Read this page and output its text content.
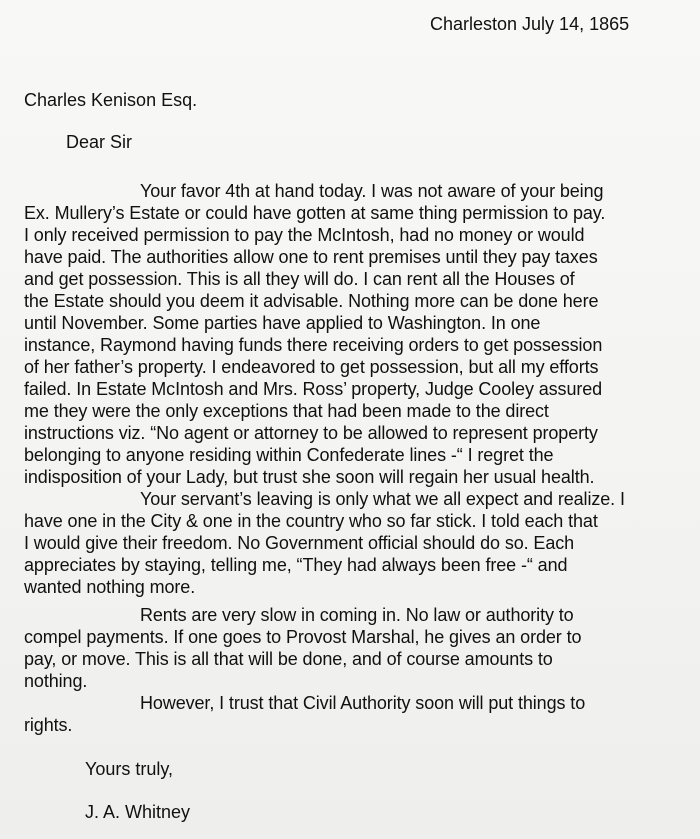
Charleston July 14, 1865
Charles Kenison Esq.
Dear Sir
Your favor 4th at hand today. I was not aware of your being
Ex. Mullery’s Estate or could have gotten at same thing permission to pay.
I only received permission to pay the McIntosh, had no money or would
have paid. The authorities allow one to rent premises until they pay taxes
and get possession. This is all they will do. I can rent all the Houses of
the Estate should you deem it advisable. Nothing more can be done here
until November. Some parties have applied to Washington. In one
instance, Raymond having funds there receiving orders to get possession
of her father’s property. I endeavored to get possession, but all my efforts
failed. In Estate McIntosh and Mrs. Ross’ property, Judge Cooley assured
me they were the only exceptions that had been made to the direct
instructions viz. “No agent or attorney to be allowed to represent property
belonging to anyone residing within Confederate lines -“ I regret the
indisposition of your Lady, but trust she soon will regain her usual health.
Your servant’s leaving is only what we all expect and realize. I
have one in the City & one in the country who so far stick. I told each that
I would give their freedom. No Government official should do so. Each
appreciates by staying, telling me, “They had always been free -“ and
wanted nothing more.
Rents are very slow in coming in. No law or authority to
compel payments. If one goes to Provost Marshal, he gives an order to
pay, or move. This is all that will be done, and of course amounts to
nothing.
However, I trust that Civil Authority soon will put things to
rights.
Yours truly,
J. A. Whitney
